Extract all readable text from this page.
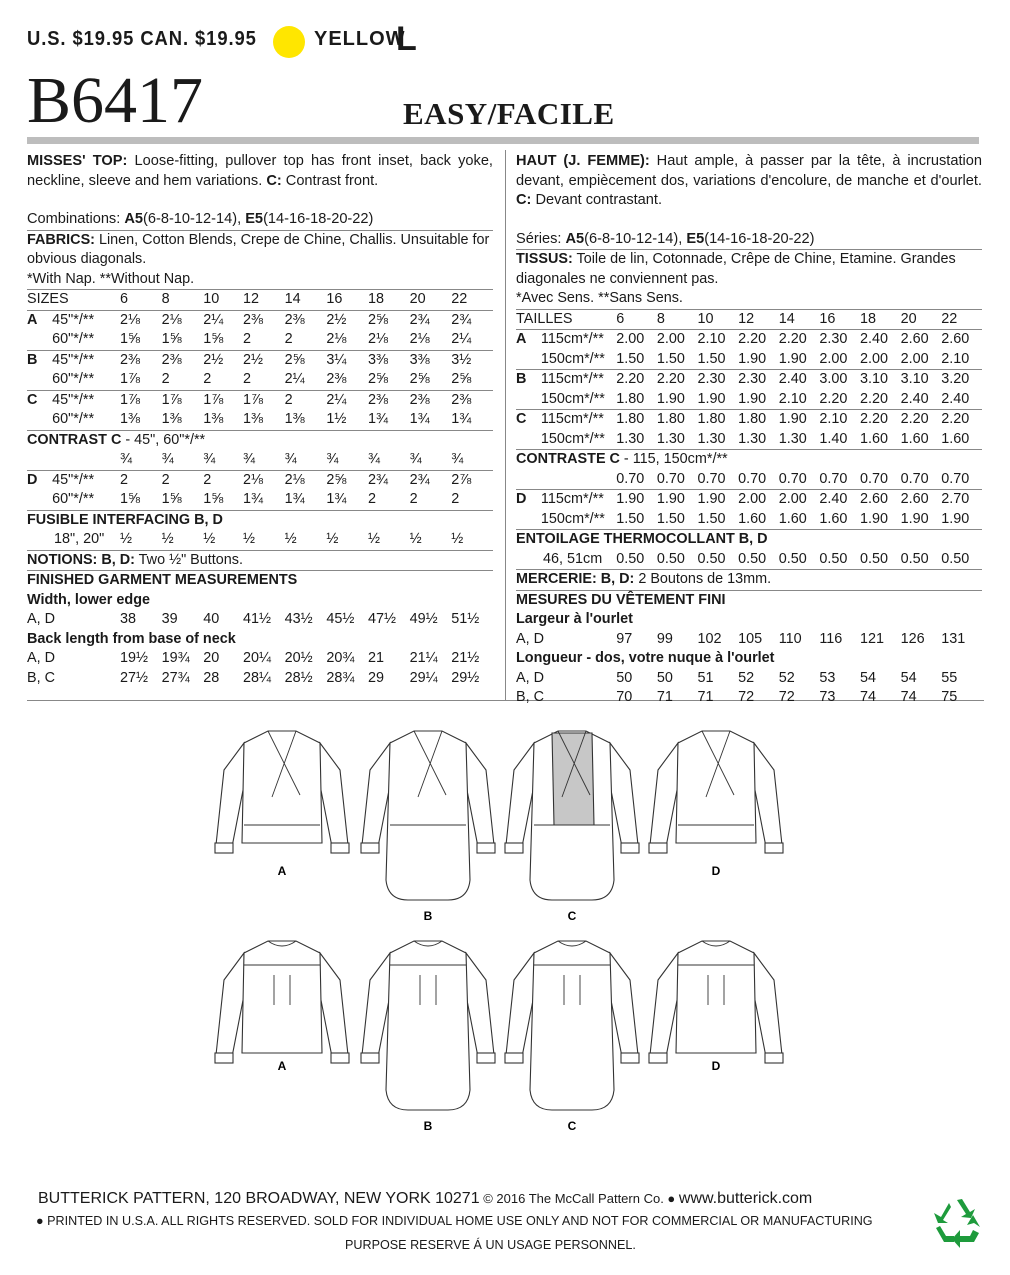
U.S. $19.95 CAN. $19.95	YELLOW
L
B6417	EASY/FACILE

MISSES' TOP: Loose-fitting, pullover top has front inset, back yoke, neckline, sleeve and hem variations. C: Contrast front.

Combinations: A5(6-8-10-12-14), E5(14-16-18-20-22)
FABRICS: Linen, Cotton Blends, Crepe de Chine, Challis. Unsuitable for obvious diagonals.										
*With Nap. **Without Nap.										
SIZES		6	8	10	12	14	16	18	20	22
A	45"*/**	2⅛	2⅛	2¼	2⅜	2⅜	2½	2⅝	2¾	2¾
	60"*/**	1⅝	1⅝	1⅝	2	2	2⅛	2⅛	2⅛	2¼
B	45"*/**	2⅜	2⅜	2½	2½	2⅝	3¼	3⅜	3⅜	3½
	60"*/**	1⅞	2	2	2	2¼	2⅜	2⅝	2⅝	2⅝
C	45"*/**	1⅞	1⅞	1⅞	1⅞	2	2¼	2⅜	2⅜	2⅜
	60"*/**	1⅜	1⅜	1⅜	1⅜	1⅜	1½	1¾	1¾	1¾
CONTRAST C - 45", 60"*/**										
		¾	¾	¾	¾	¾	¾	¾	¾	¾
D	45"*/**	2	2	2	2⅛	2⅛	2⅝	2¾	2¾	2⅞
	60"*/**	1⅝	1⅝	1⅝	1¾	1¾	1¾	2	2	2
FUSIBLE INTERFACING B, D										
18", 20"		½	½	½	½	½	½	½	½	½
NOTIONS: B, D: Two ½" Buttons.										
FINISHED GARMENT MEASUREMENTS										
Width, lower edge										
A, D		38	39	40	41½	43½	45½	47½	49½	51½
Back length from base of neck										
A, D		19½	19¾	20	20¼	20½	20¾	21	21¼	21½
B, C		27½	27¾	28	28¼	28½	28¾	29	29¼	29½

HAUT (J. FEMME): Haut ample, à passer par la tête, à incrustation devant, empiècement dos, variations d'encolure, de manche et d'ourlet. C: Devant contrastant.

Séries: A5(6-8-10-12-14), E5(14-16-18-20-22)
TISSUS: Toile de lin, Cotonnade, Crêpe de Chine, Etamine. Grandes diagonales ne conviennent pas.										
*Avec Sens. **Sans Sens.										
TAILLES		6	8	10	12	14	16	18	20	22
A	115cm*/**	2.00	2.00	2.10	2.20	2.20	2.30	2.40	2.60	2.60
	150cm*/**	1.50	1.50	1.50	1.90	1.90	2.00	2.00	2.00	2.10
B	115cm*/**	2.20	2.20	2.30	2.30	2.40	3.00	3.10	3.10	3.20
	150cm*/**	1.80	1.90	1.90	1.90	2.10	2.20	2.20	2.40	2.40
C	115cm*/**	1.80	1.80	1.80	1.80	1.90	2.10	2.20	2.20	2.20
	150cm*/**	1.30	1.30	1.30	1.30	1.30	1.40	1.60	1.60	1.60
CONTRASTE C - 115, 150cm*/**										
		0.70	0.70	0.70	0.70	0.70	0.70	0.70	0.70	0.70
D	115cm*/**	1.90	1.90	1.90	2.00	2.00	2.40	2.60	2.60	2.70
	150cm*/**	1.50	1.50	1.50	1.60	1.60	1.60	1.90	1.90	1.90
ENTOILAGE THERMOCOLLANT B, D										
46, 51cm		0.50	0.50	0.50	0.50	0.50	0.50	0.50	0.50	0.50
MERCERIE: B, D: 2 Boutons de 13mm.										
MESURES DU VÊTEMENT FINI										
Largeur à l'ourlet										
A, D		97	99	102	105	110	116	121	126	131
Longueur - dos, votre nuque à l'ourlet										
A, D		50	50	51	52	52	53	54	54	55
B, C		70	71	71	72	72	73	74	74	75
A
B	C
D
A
B	C
D
BUTTERICK PATTERN, 120 BROADWAY, NEW YORK 10271 © 2016 The McCall Pattern Co. ● www.butterick.com
● PRINTED IN U.S.A. ALL RIGHTS RESERVED. SOLD FOR INDIVIDUAL HOME USE ONLY AND NOT FOR COMMERCIAL OR MANUFACTURING
PURPOSE RESERVE Á UN USAGE PERSONNEL.
